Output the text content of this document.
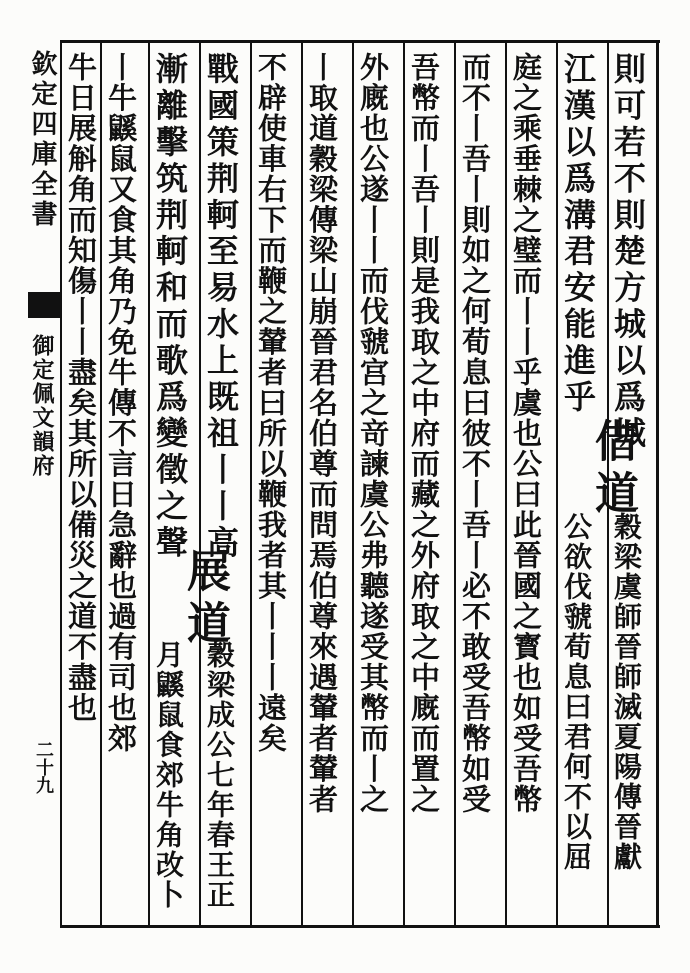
欽定四庫全書
御定佩文韻府
二十九
則可若不則楚方城以爲城
借道
穀梁虞師晉師滅夏陽傳晉獻
江漢以爲溝君安能進乎
公欲伐虢荀息曰君何不以屈
庭之乘垂棘之璧而丨丨乎虞也公曰此晉國之寳也如受吾幣
而不丨吾丨則如之何荀息曰彼不丨吾丨必不敢受吾幣如受
吾幣而丨吾丨則是我取之中府而藏之外府取之中廐而置之
外廐也公遂丨丨而伐虢宫之竒諫虞公弗聽遂受其幣而丨之
丨取道穀梁傳梁山崩晉君名伯尊而問焉伯尊來遇輦者輦者
不辟使車右下而鞭之輦者曰所以鞭我者其丨丨丨遠矣
戰國策荆軻至易水上既祖丨丨高
展道
穀梁成公七年春王正
漸離擊筑荆軻和而歌爲變徵之聲
月鼷鼠食郊牛角改卜
丨牛鼷鼠又食其角乃免牛傳不言日急辭也過有司也郊
牛日展斛角而知傷丨丨盡矣其所以備災之道不盡也
